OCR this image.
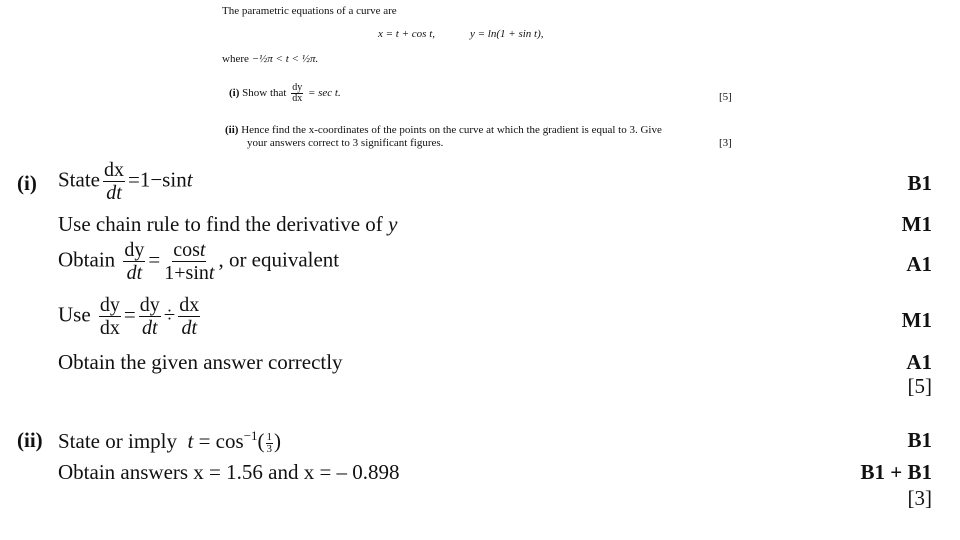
The parametric equations of a curve are
x = t + cos t,	y = ln(1 + sin t),
where −½π < t < ½π.
(i) Show that $\frac{dy}{dx} = \sec t$.	[5]
(ii) Hence find the x-coordinates of the points on the curve at which the gradient is equal to 3. Give
your answers correct to 3 significant figures.	[3]
(i) State $\frac{dx}{dt} =1-\sin t$	B1
Use chain rule to find the derivative of y	M1
Obtain $\frac{dy}{dt} = \frac{\cos t}{1+\sin t}$ , or equivalent	A1
Use $\frac{dy}{dx} = \frac{dy}{dt} \div \frac{dx}{dt}$	M1
Obtain the given answer correctly	A1
[5]
(ii) State or imply  $t = \cos^{-1}( \frac{1}{3}$ )	B1
Obtain answers x = 1.56 and x = – 0.898	B1 + B1
[3]
